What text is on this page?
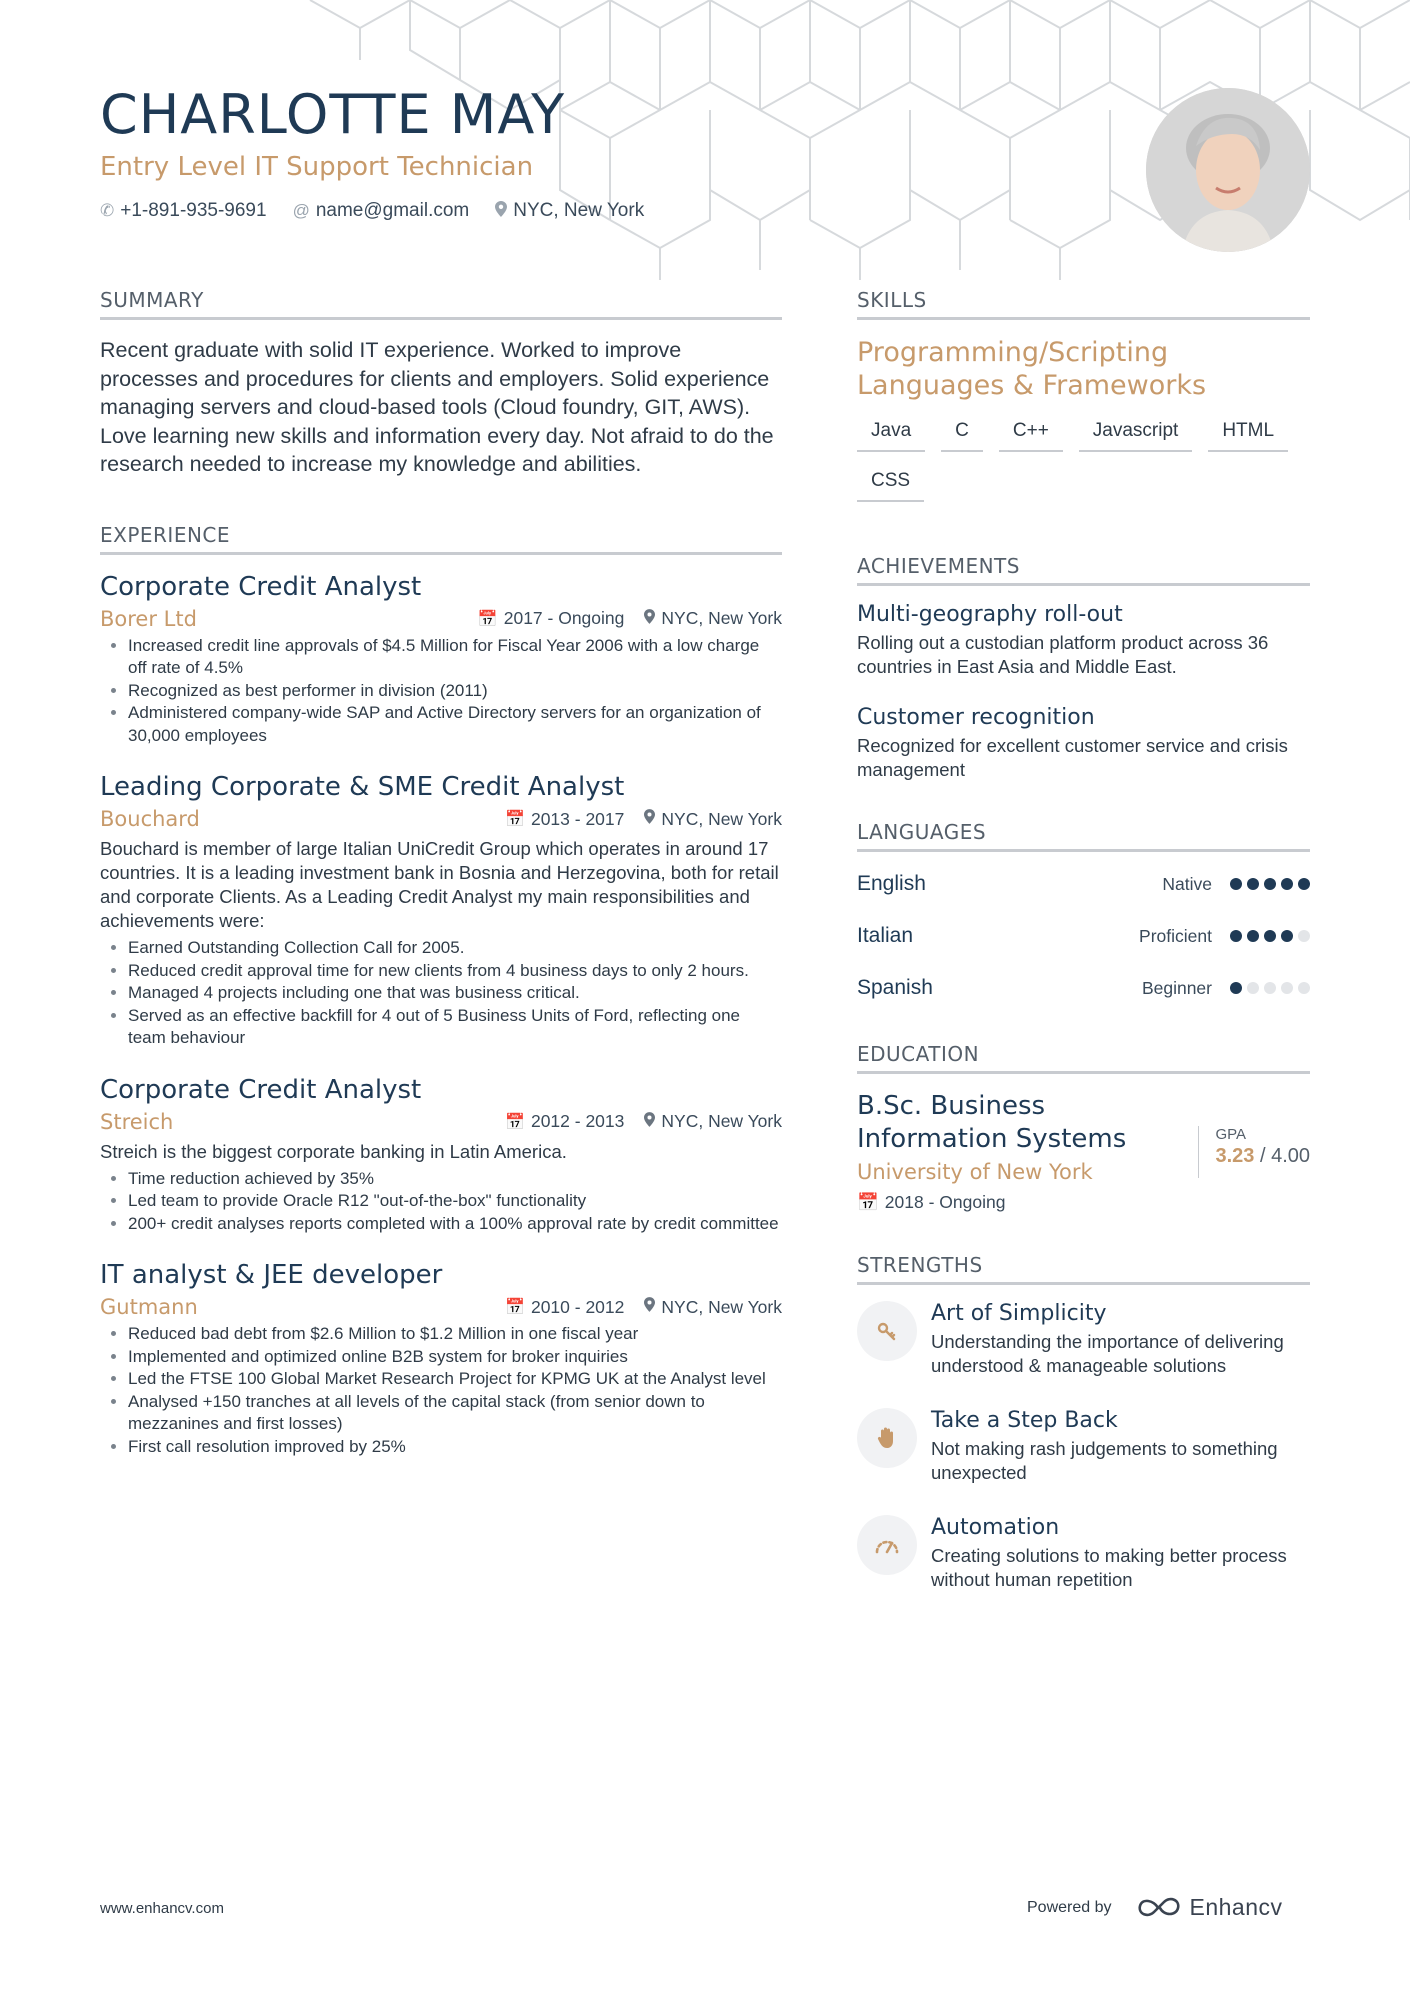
CHARLOTTE MAY
Entry Level IT Support Technician
✆ +1-891-935-9691 @ name@gmail.com NYC, New York
SUMMARY

Recent graduate with solid IT experience. Worked to improve processes and procedures for clients and employers. Solid experience managing servers and cloud-based tools (Cloud foundry, GIT, AWS). Love learning new skills and information every day. Not afraid to do the research needed to increase my knowledge and abilities.

EXPERIENCE
Corporate Credit Analyst
Borer Ltd	📅 2017 - Ongoing NYC, New York
• Increased credit line approvals of $4.5 Million for Fiscal Year 2006 with a low charge off rate of 4.5%
• Recognized as best performer in division (2011)
• Administered company-wide SAP and Active Directory servers for an organization of 30,000 employees
Leading Corporate & SME Credit Analyst
Bouchard	📅 2013 - 2017 NYC, New York

Bouchard is member of large Italian UniCredit Group which operates in around 17 countries. It is a leading investment bank in Bosnia and Herzegovina, both for retail and corporate Clients. As a Leading Credit Analyst my main responsibilities and achievements were:

• Earned Outstanding Collection Call for 2005.
• Reduced credit approval time for new clients from 4 business days to only 2 hours.
• Managed 4 projects including one that was business critical.
• Served as an effective backfill for 4 out of 5 Business Units of Ford, reflecting one team behaviour
Corporate Credit Analyst
Streich	📅 2012 - 2013 NYC, New York

Streich is the biggest corporate banking in Latin America.

• Time reduction achieved by 35%
• Led team to provide Oracle R12 "out-of-the-box" functionality
• 200+ credit analyses reports completed with a 100% approval rate by credit committee
IT analyst & JEE developer
Gutmann	📅 2010 - 2012 NYC, New York
• Reduced bad debt from $2.6 Million to $1.2 Million in one fiscal year
• Implemented and optimized online B2B system for broker inquiries
• Led the FTSE 100 Global Market Research Project for KPMG UK at the Analyst level
• Analysed +150 tranches at all levels of the capital stack (from senior down to mezzanines and first losses)
• First call resolution improved by 25%
SKILLS
Programming/Scripting Languages & Frameworks
Java	C	C++	Javascript	HTML
CSS
ACHIEVEMENTS
Multi-geography roll-out
Rolling out a custodian platform product across 36 countries in East Asia and Middle East.
Customer recognition
Recognized for excellent customer service and crisis management
LANGUAGES
English	Native
Italian	Proficient
Spanish	Beginner
EDUCATION
B.Sc. Business Information Systems
University of New York
📅 2018 - Ongoing
GPA
3.23 / 4.00
STRENGTHS
Art of Simplicity
Understanding the importance of delivering understood & manageable solutions
Take a Step Back
Not making rash judgements to something unexpected
Automation
Creating solutions to making better process without human repetition
www.enhancv.com	Powered by	Enhancv
